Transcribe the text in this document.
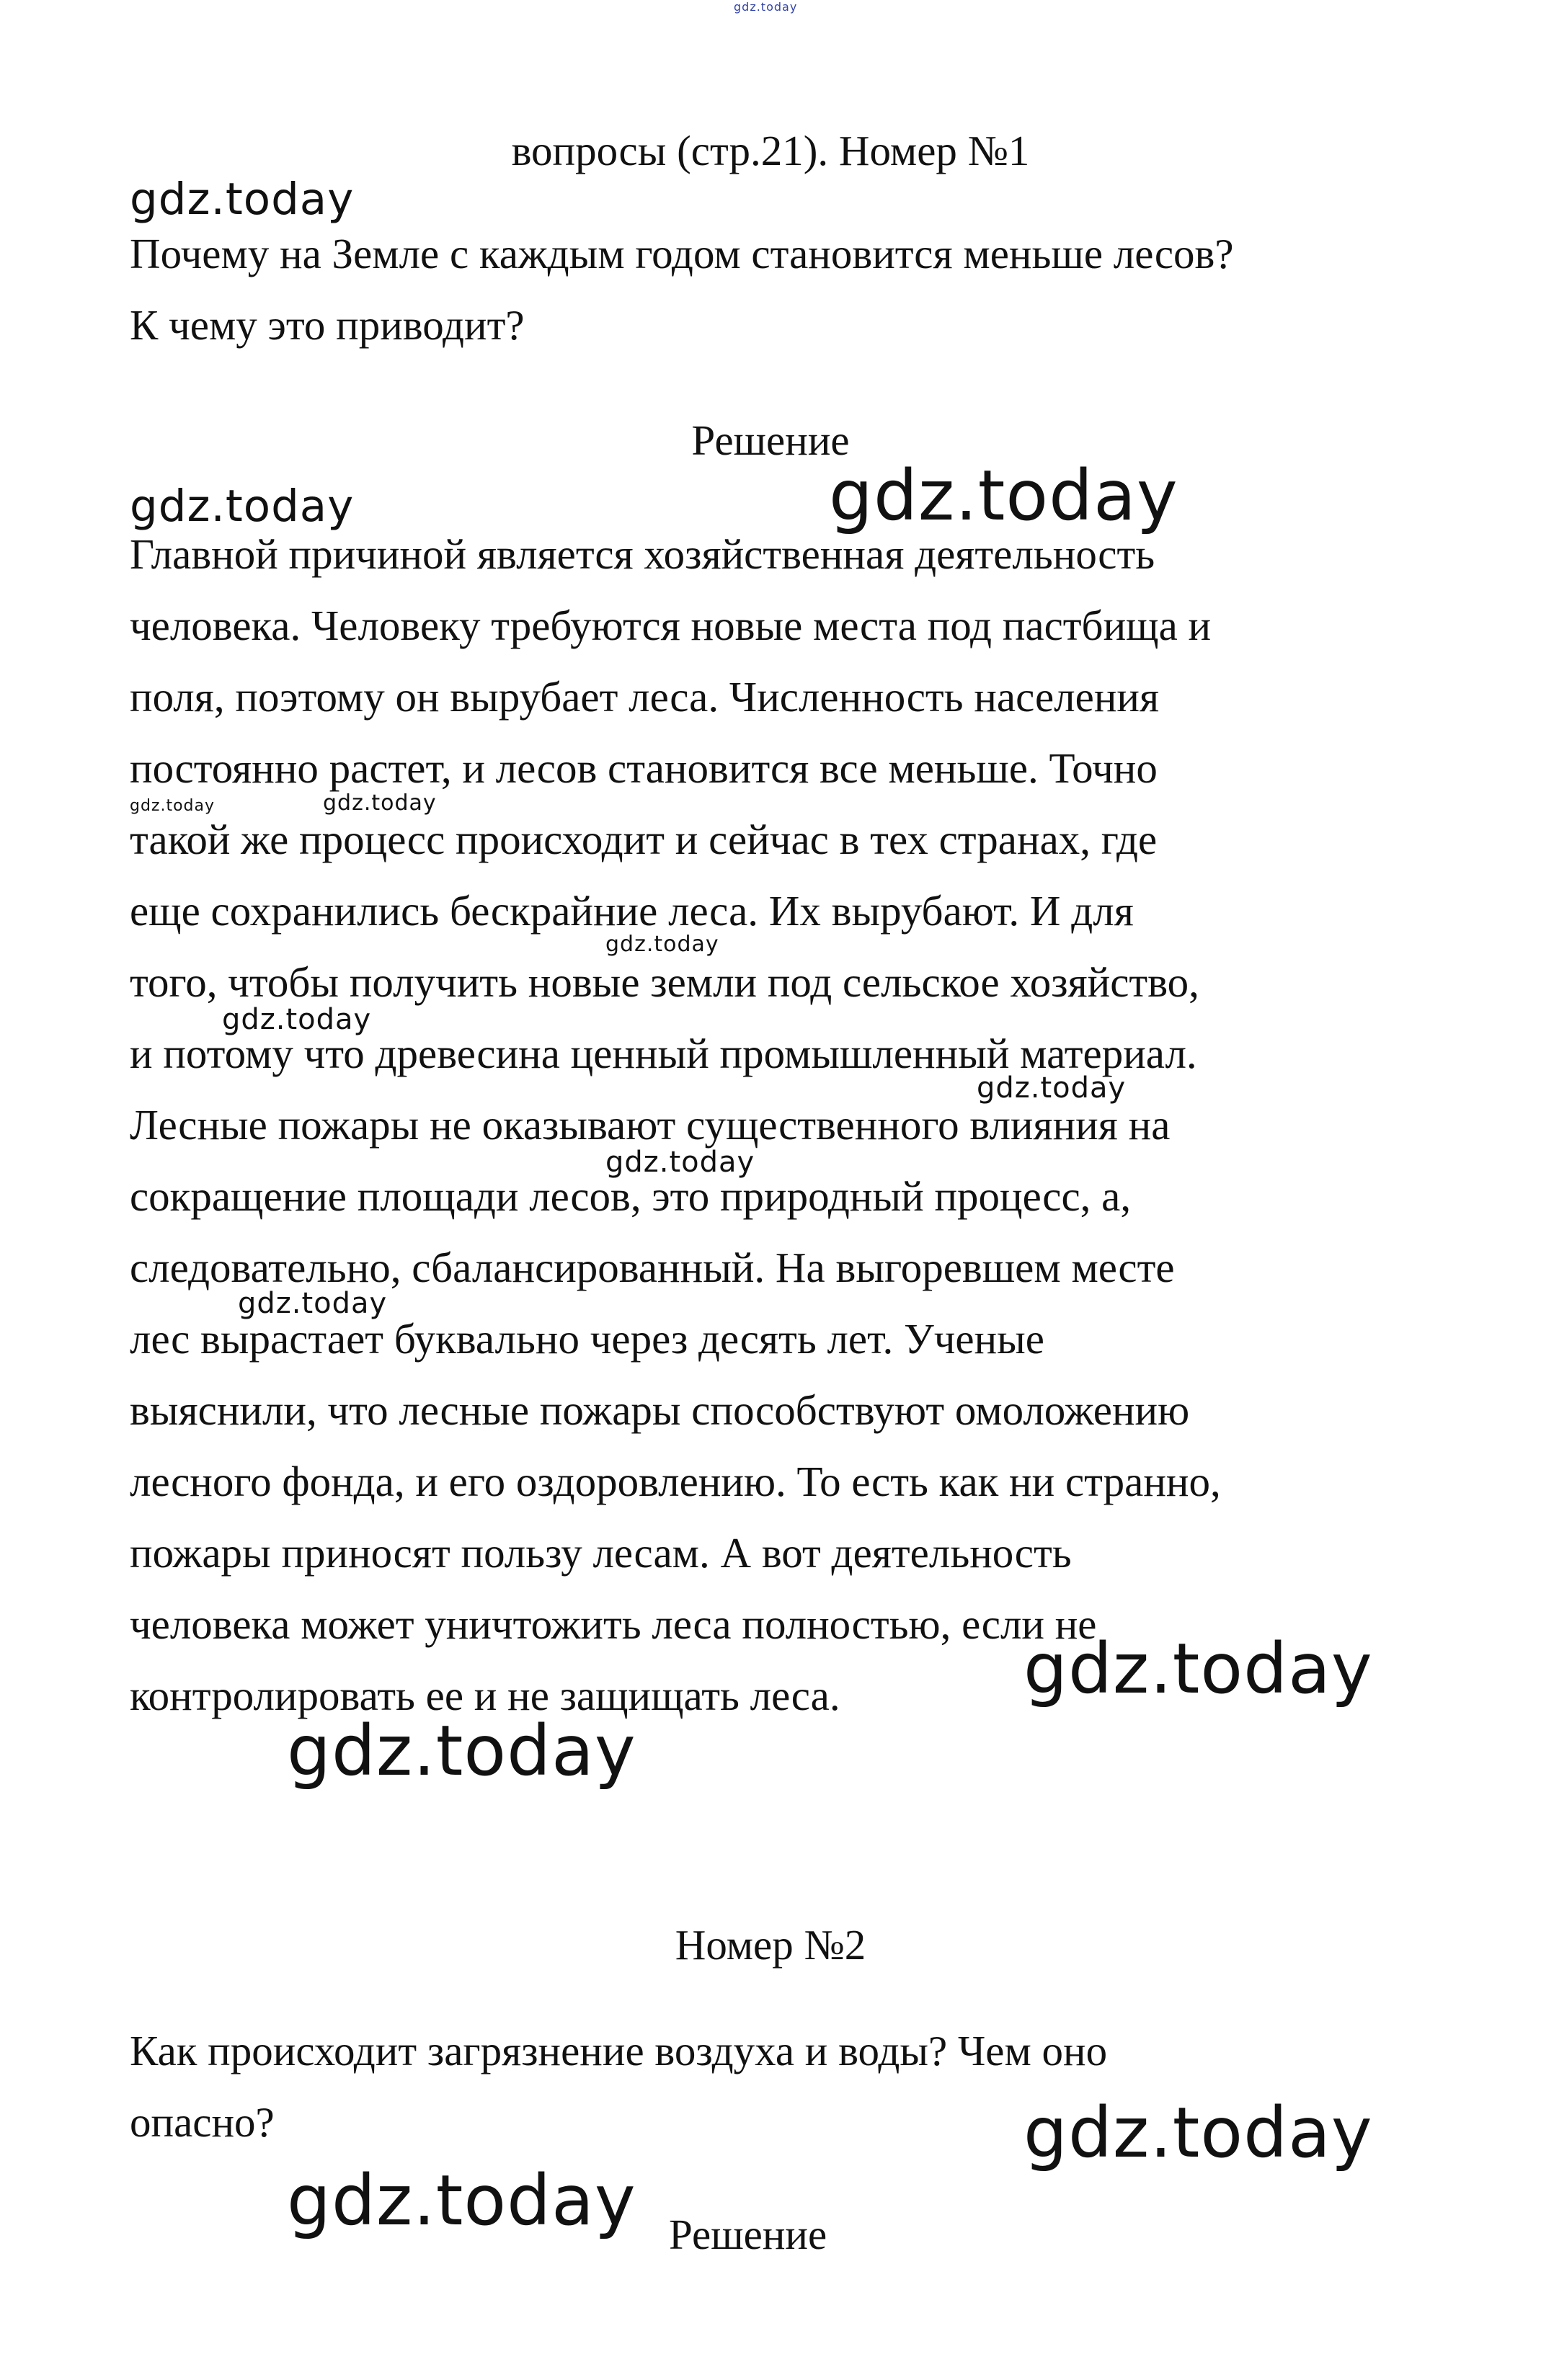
вопросы (стр.21). Номер №1
Почему на Земле с каждым годом становится меньше лесов?
К чему это приводит?
Решение
Главной причиной является хозяйственная деятельность
человека. Человеку требуются новые места под пастбища и
поля, поэтому он вырубает леса. Численность населения
постоянно растет, и лесов становится все меньше. Точно
такой же процесс происходит и сейчас в тех странах, где
еще сохранились бескрайние леса. Их вырубают. И для
того, чтобы получить новые земли под сельское хозяйство,
и потому что древесина ценный промышленный материал.
Лесные пожары не оказывают существенного влияния на
сокращение площади лесов, это природный процесс, а,
следовательно, сбалансированный. На выгоревшем месте
лес вырастает буквально через десять лет. Ученые
выяснили, что лесные пожары способствуют омоложению
лесного фонда, и его оздоровлению. То есть как ни странно,
пожары приносят пользу лесам. А вот деятельность
человека может уничтожить леса полностью, если не
контролировать ее и не защищать леса.
Номер №2
Как происходит загрязнение воздуха и воды? Чем оно
опасно?
Решение
gdz.today
gdz.today
gdz.today	gdz.today
gdz.today
gdz.today
gdz.today
gdz.today
gdz.today
gdz.today
gdz.today
gdz.today
gdz.today
gdz.today
gdz.today
